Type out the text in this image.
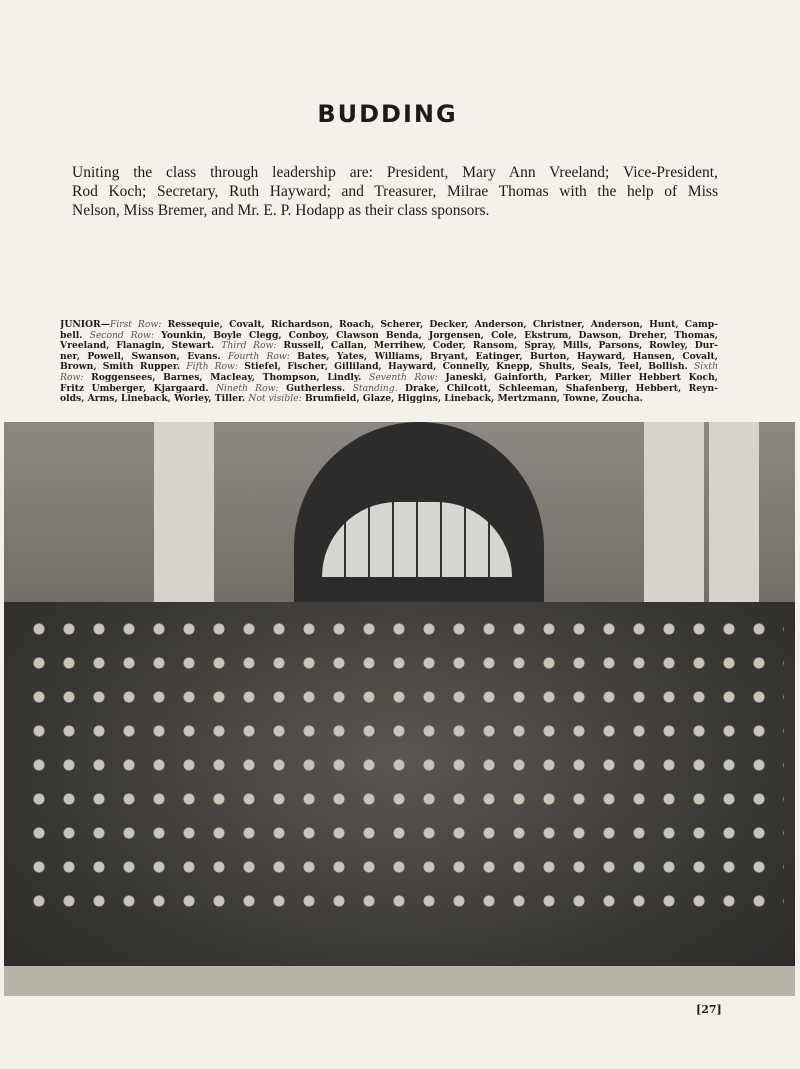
BUDDING
Uniting the class through leadership are: President, Mary Ann Vreeland; Vice-President,
Rod Koch; Secretary, Ruth Hayward; and Treasurer, Milrae Thomas with the help of Miss
Nelson, Miss Bremer, and Mr. E. P. Hodapp as their class sponsors.
JUNIOR—First Row: Ressequie, Covalt, Richardson, Roach, Scherer, Decker, Anderson, Christner, Anderson, Hunt, Camp-
bell. Second Row: Younkin, Boyle Clegg, Conboy, Clawson Benda, Jorgensen, Cole, Ekstrum, Dawson, Dreher, Thomas,
Vreeland, Flanagin, Stewart. Third Row: Russell, Callan, Merrihew, Coder, Ransom, Spray, Mills, Parsons, Rowley, Dur-
ner, Powell, Swanson, Evans. Fourth Row: Bates, Yates, Williams, Bryant, Eatinger, Burton, Hayward, Hansen, Covalt,
Brown, Smith Rupper. Fifth Row: Stiefel, Fischer, Gilliland, Hayward, Connelly, Knepp, Shults, Seals, Teel, Bollish. Sixth
Row: Roggensees, Barnes, Macleay, Thompson, Lindly. Seventh Row: Janeski, Gainforth, Parker, Miller Hebbert Koch,
Fritz Umberger, Kjargaard. Nineth Row: Gutherless. Standing. Drake, Chilcott, Schleeman, Shafenberg, Hebbert, Reyn-
olds, Arms, Lineback, Worley, Tiller. Not visible: Brumfield, Glaze, Higgins, Lineback, Mertzmann, Towne, Zoucha.
[27]
